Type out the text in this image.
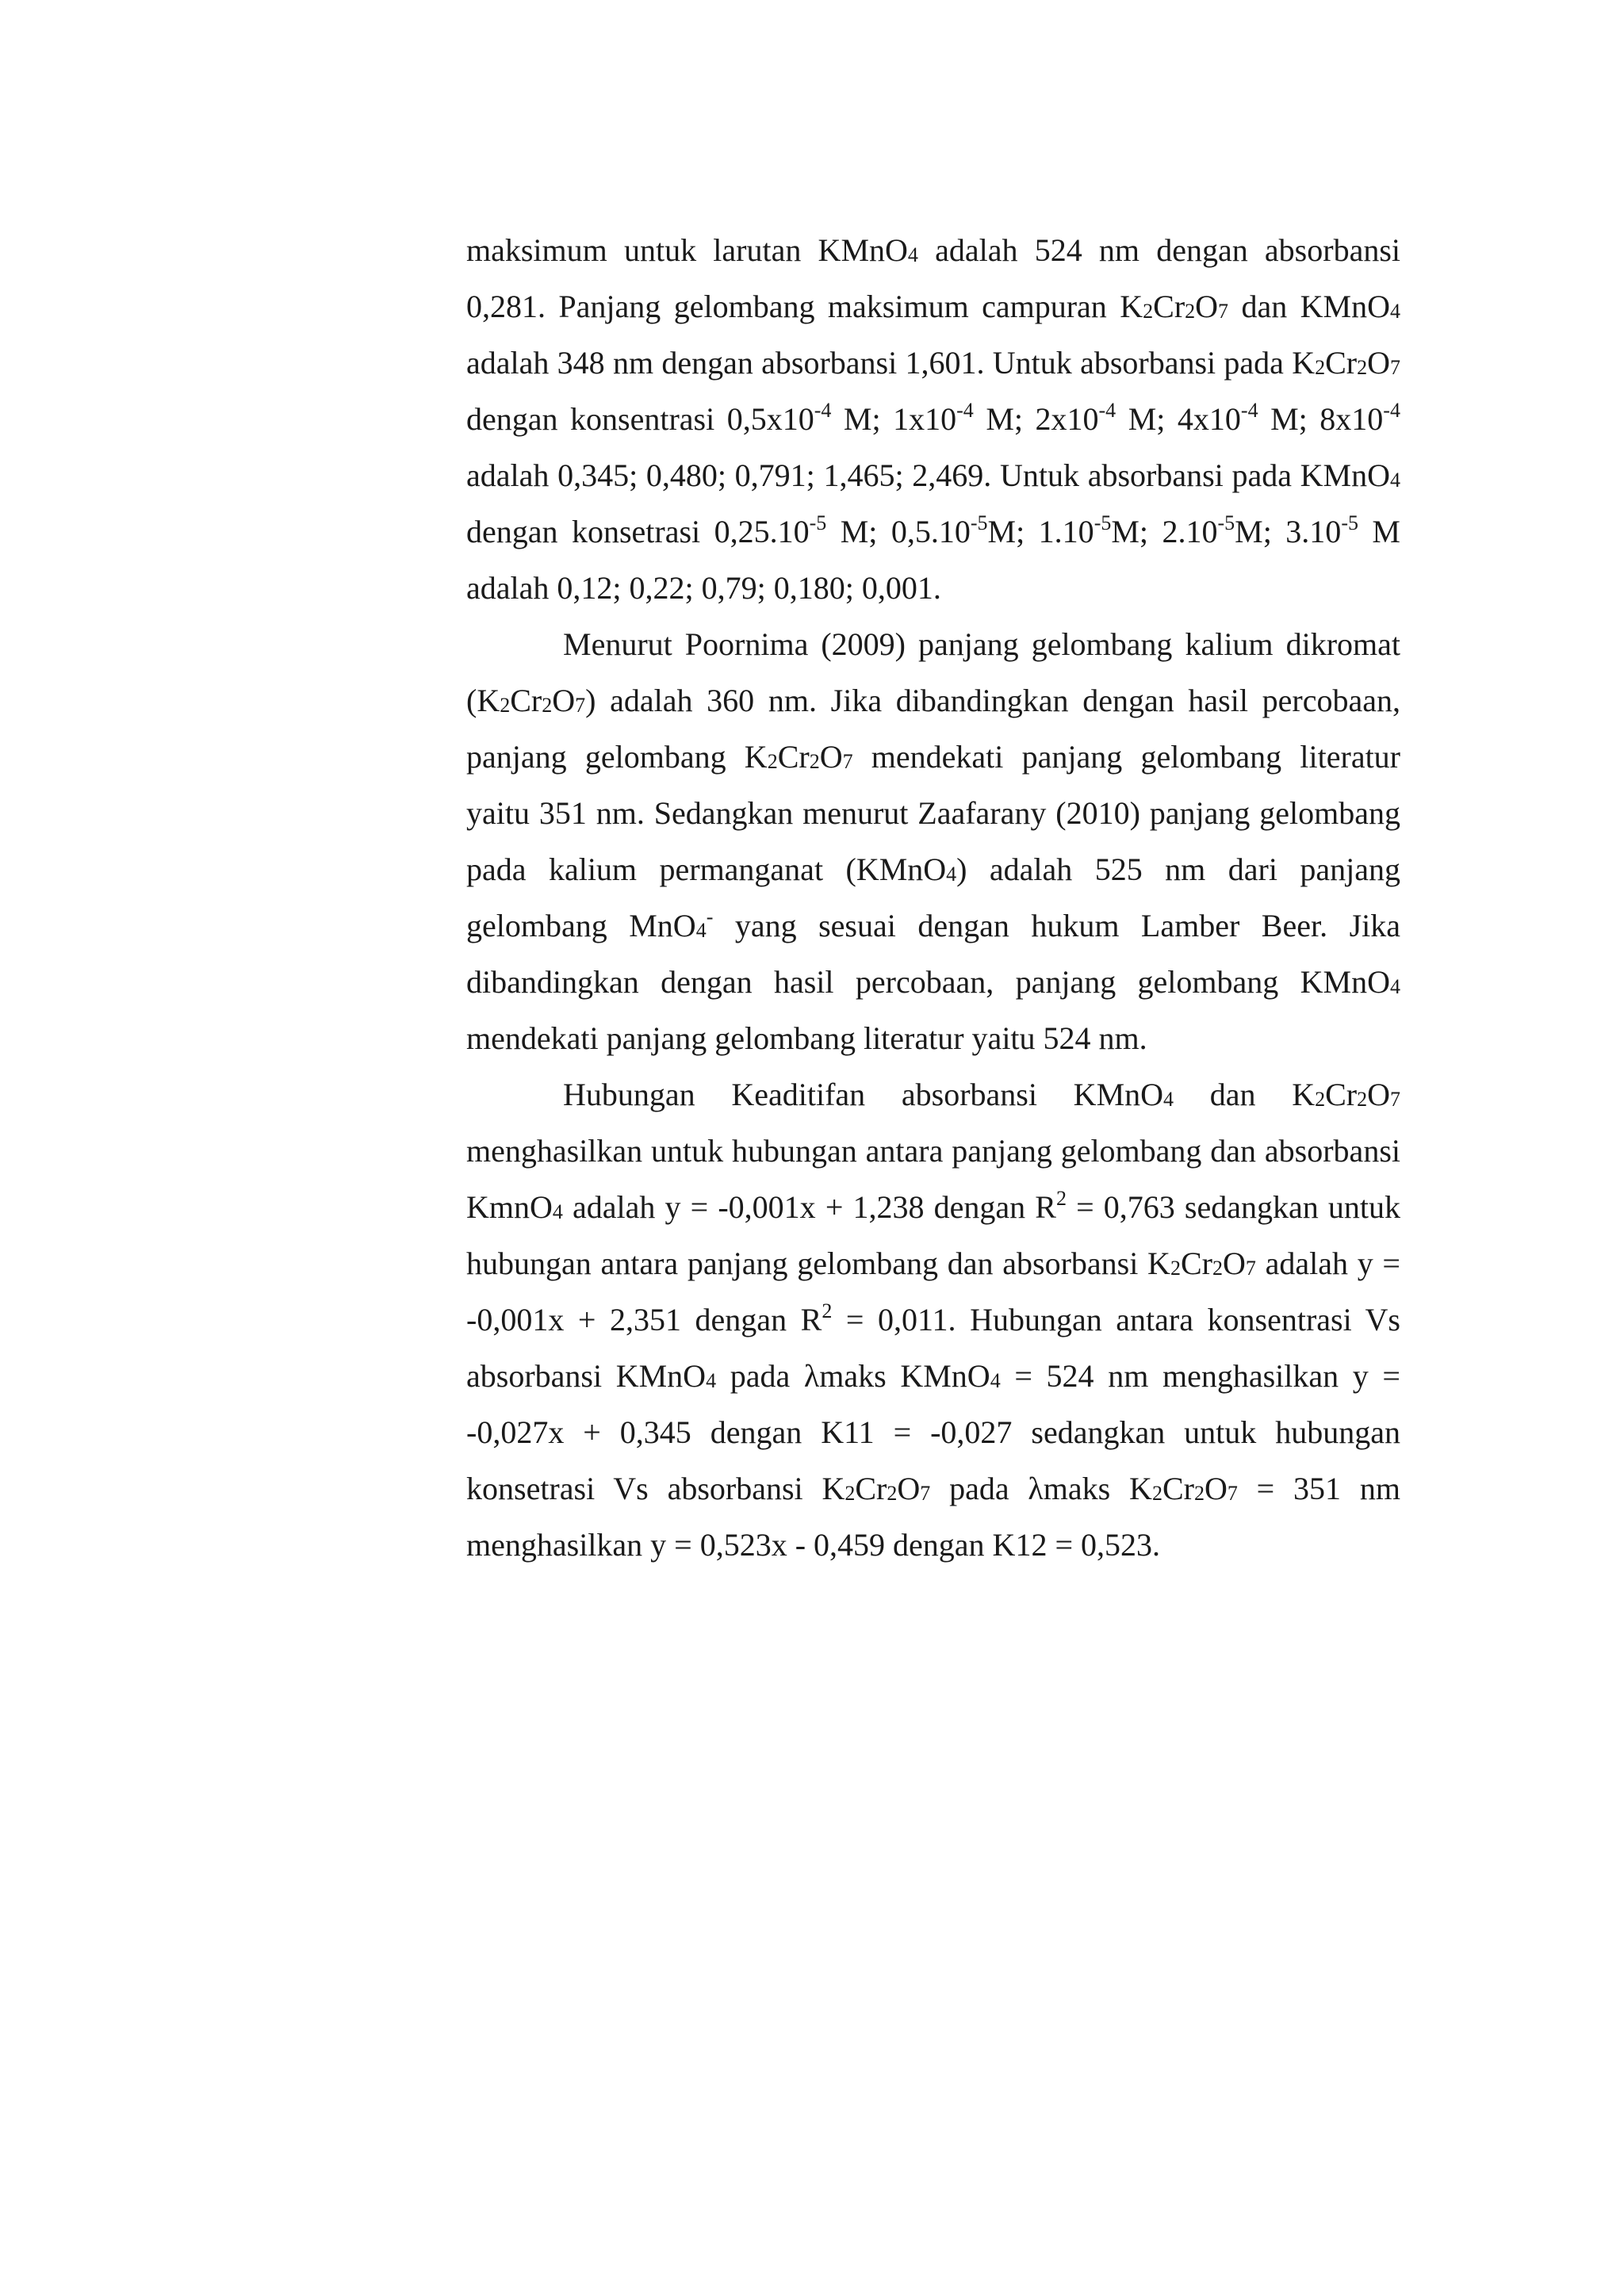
maksimum untuk larutan KMnO$_4$ adalah 524 nm dengan absorbansi 0,281. Panjang gelombang maksimum campuran $K_2Cr_2O_7$ dan KMnO$_4$ adalah 348 nm dengan absorbansi 1,601. Untuk absorbansi pada $K_2Cr_2O_7$ dengan konsentrasi $0,5x10^{-4}$ M; $1x10^{-4}$ M; $2x10^{-4}$ M; $4x10^{-4}$ M; $8x10^{-4}$ adalah 0,345; 0,480; 0,791; 1,465; 2,469. Untuk absorbansi pada KMnO$_4$ dengan konsetrasi $0,25.10^{-5}$ M; $0,5.10^{-5}M$; $1.10^{-5}M$; $2.10^{-5}M$; $3.10^{-5}$ M adalah 0,12; 0,22; 0,79; 0,180; 0,001.

Menurut Poornima (2009) panjang gelombang kalium dikromat $(K_2Cr_2O_7)$ adalah 360 nm. Jika dibandingkan dengan hasil percobaan, panjang gelombang $K_2Cr_2O_7$ mendekati panjang gelombang literatur yaitu 351 nm. Sedangkan menurut Zaafarany (2010) panjang gelombang pada kalium permanganat (KMnO$_4$) adalah 525 nm dari panjang gelombang MnO$_4$- yang sesuai dengan hukum Lamber Beer. Jika dibandingkan dengan hasil percobaan, panjang gelombang KMnO$_4$ mendekati panjang gelombang literatur yaitu 524 nm.

Hubungan Keaditifan absorbansi KMnO$_4$ dan $K_2Cr_2O_7$ menghasilkan untuk hubungan antara panjang gelombang dan absorbansi KmnO$_4$ adalah y = -0,001x + 1,238 dengan $R^2 = 0,763$ sedangkan untuk hubungan antara panjang gelombang dan absorbansi $K_2Cr_2O_7$ adalah y = -0,001x + 2,351 dengan $R^2 = 0,011$. Hubungan antara konsentrasi Vs absorbansi KMnO$_4$ pada λmaks KMnO$_4$ = 524 nm menghasilkan y = -0,027x + 0,345 dengan K11 = -0,027 sedangkan untuk hubungan konsetrasi Vs absorbansi $K_2Cr_2O_7$ pada λmaks $K_2Cr_2O_7 = 351$ nm menghasilkan y = 0,523x - 0,459 dengan K12 = 0,523.
